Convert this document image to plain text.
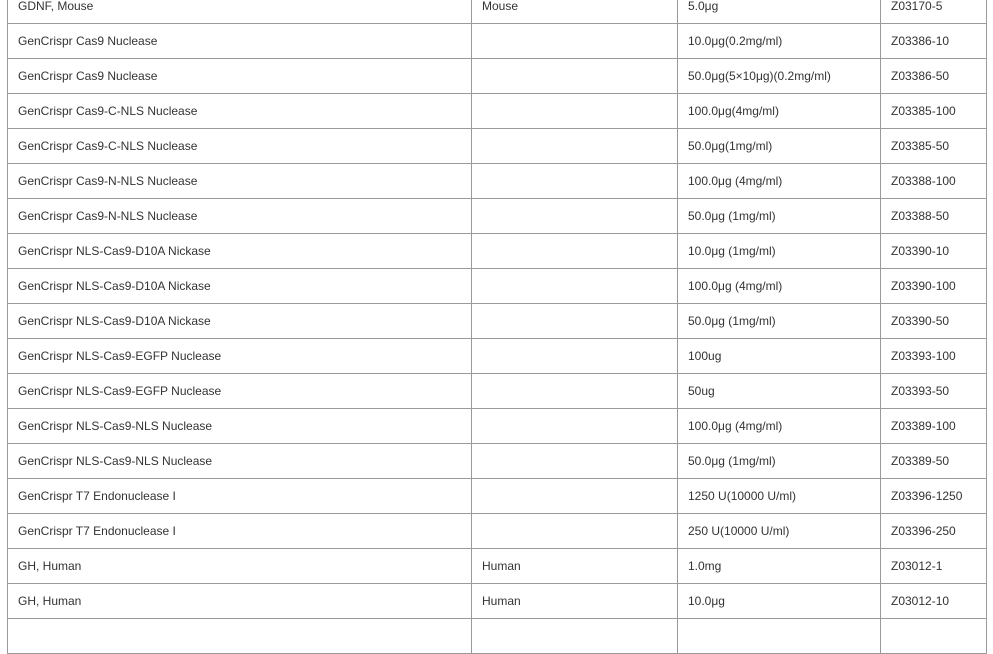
GDNF, Mouse	Mouse	5.0μg	Z03170-5
GenCrispr Cas9 Nuclease		10.0μg(0.2mg/ml)	Z03386-10
GenCrispr Cas9 Nuclease		50.0μg(5×10μg)(0.2mg/ml)	Z03386-50
GenCrispr Cas9-C-NLS Nuclease		100.0μg(4mg/ml)	Z03385-100
GenCrispr Cas9-C-NLS Nuclease		50.0μg(1mg/ml)	Z03385-50
GenCrispr Cas9-N-NLS Nuclease		100.0μg (4mg/ml)	Z03388-100
GenCrispr Cas9-N-NLS Nuclease		50.0μg (1mg/ml)	Z03388-50
GenCrispr NLS-Cas9-D10A Nickase		10.0μg (1mg/ml)	Z03390-10
GenCrispr NLS-Cas9-D10A Nickase		100.0μg (4mg/ml)	Z03390-100
GenCrispr NLS-Cas9-D10A Nickase		50.0μg (1mg/ml)	Z03390-50
GenCrispr NLS-Cas9-EGFP Nuclease		100ug	Z03393-100
GenCrispr NLS-Cas9-EGFP Nuclease		50ug	Z03393-50
GenCrispr NLS-Cas9-NLS Nuclease		100.0μg (4mg/ml)	Z03389-100
GenCrispr NLS-Cas9-NLS Nuclease		50.0μg (1mg/ml)	Z03389-50
GenCrispr T7 Endonuclease I		1250 U(10000 U/ml)	Z03396-1250
GenCrispr T7 Endonuclease I		250 U(10000 U/ml)	Z03396-250
GH, Human	Human	1.0mg	Z03012-1
GH, Human	Human	10.0μg	Z03012-10
